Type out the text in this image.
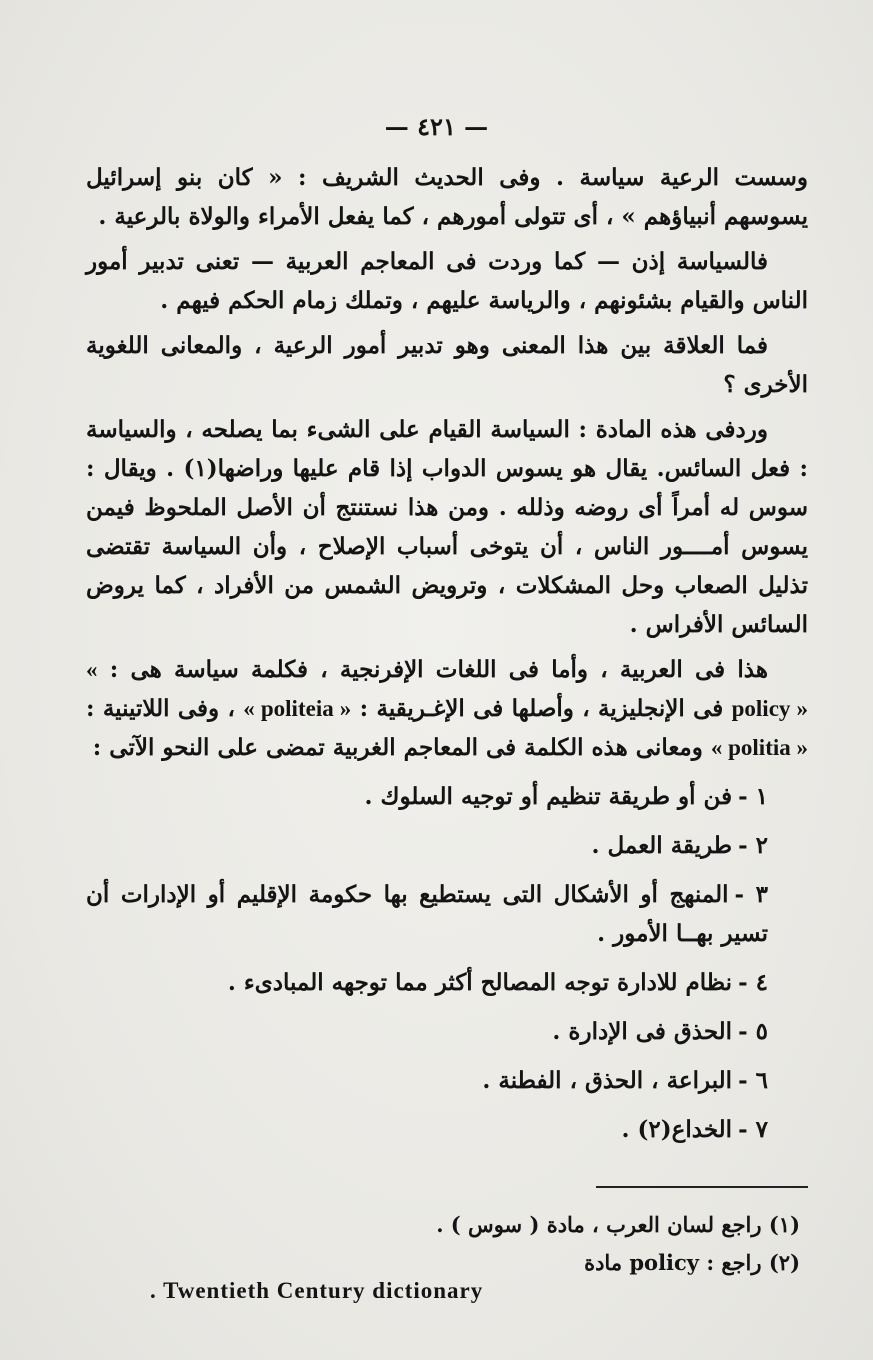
— ٤٢١ —

وسست الرعية سياسة . وفى الحديث الشريف : « كان بنو إسرائيل يسوسهم أنبياؤهم » ، أى تتولى أمورهم ، كما يفعل الأمراء والولاة بالرعية .

فالسياسة إذن — كما وردت فى المعاجم العربية — تعنى تدبير أمور الناس والقيام بشئونهم ، والرياسة عليهم ، وتملك زمام الحكم فيهم .

فما العلاقة بين هذا المعنى وهو تدبير أمور الرعية ، والمعانى اللغوية الأخرى ؟

وردفى هذه المادة : السياسة القيام على الشىء بما يصلحه ، والسياسة : فعل السائس. يقال هو يسوس الدواب إذا قام عليها وراضها(١) . ويقال : سوس له أمراً أى روضه وذلله . ومن هذا نستنتج أن الأصل الملحوظ فيمن يسوس أمــــور الناس ، أن يتوخى أسباب الإصلاح ، وأن السياسة تقتضى تذليل الصعاب وحل المشكلات ، وترويض الشمس من الأفراد ، كما يروض السائس الأفراس .

هذا فى العربية ، وأما فى اللغات الإفرنجية ، فكلمة سياسة هى : « policy » فى الإنجليزية ، وأصلها فى الإغـريقية : « politeia » ، وفى اللاتينية : « politia » ومعانى هذه الكلمة فى المعاجم الغربية تمضى على النحو الآتى :

١ -فن أو طريقة تنظيم أو توجيه السلوك .
٢ -طريقة العمل .
٣ -المنهج أو الأشكال التى يستطيع بها حكومة الإقليم أو الإدارات أن تسير بهــا الأمور .
٤ -نظام للادارة توجه المصالح أكثر مما توجهه المبادىء .
٥ -الحذق فى الإدارة .
٦ -البراعة ، الحذق ، الفطنة .
٧ -الخداع(٢) .

(١) راجع لسان العرب ، مادة ( سوس ) .

(٢) راجع : policy مادة

. Twentieth Century dictionary
